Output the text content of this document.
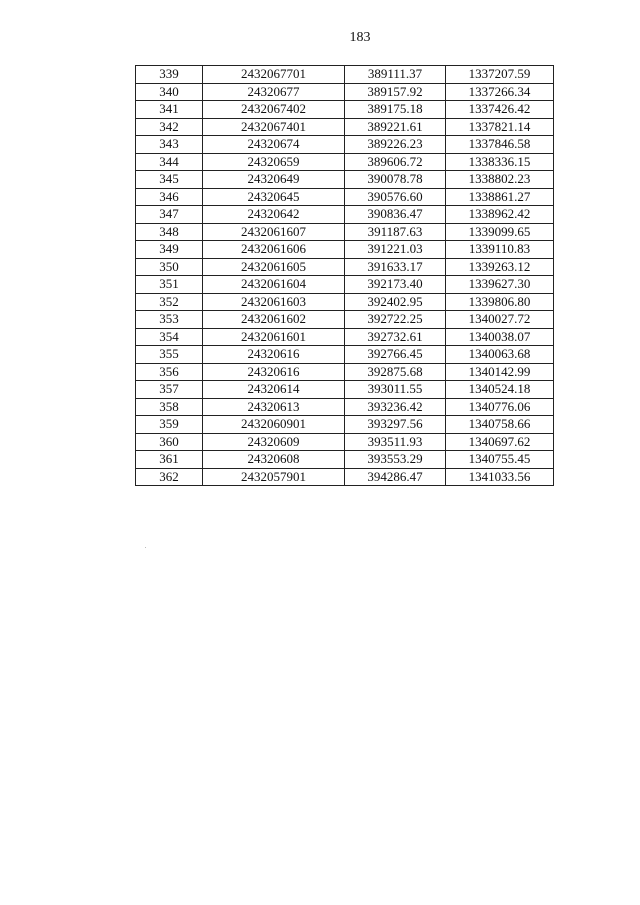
183
339	2432067701	389111.37	1337207.59
340	24320677	389157.92	1337266.34
341	2432067402	389175.18	1337426.42
342	2432067401	389221.61	1337821.14
343	24320674	389226.23	1337846.58
344	24320659	389606.72	1338336.15
345	24320649	390078.78	1338802.23
346	24320645	390576.60	1338861.27
347	24320642	390836.47	1338962.42
348	2432061607	391187.63	1339099.65
349	2432061606	391221.03	1339110.83
350	2432061605	391633.17	1339263.12
351	2432061604	392173.40	1339627.30
352	2432061603	392402.95	1339806.80
353	2432061602	392722.25	1340027.72
354	2432061601	392732.61	1340038.07
355	24320616	392766.45	1340063.68
356	24320616	392875.68	1340142.99
357	24320614	393011.55	1340524.18
358	24320613	393236.42	1340776.06
359	2432060901	393297.56	1340758.66
360	24320609	393511.93	1340697.62
361	24320608	393553.29	1340755.45
362	2432057901	394286.47	1341033.56
